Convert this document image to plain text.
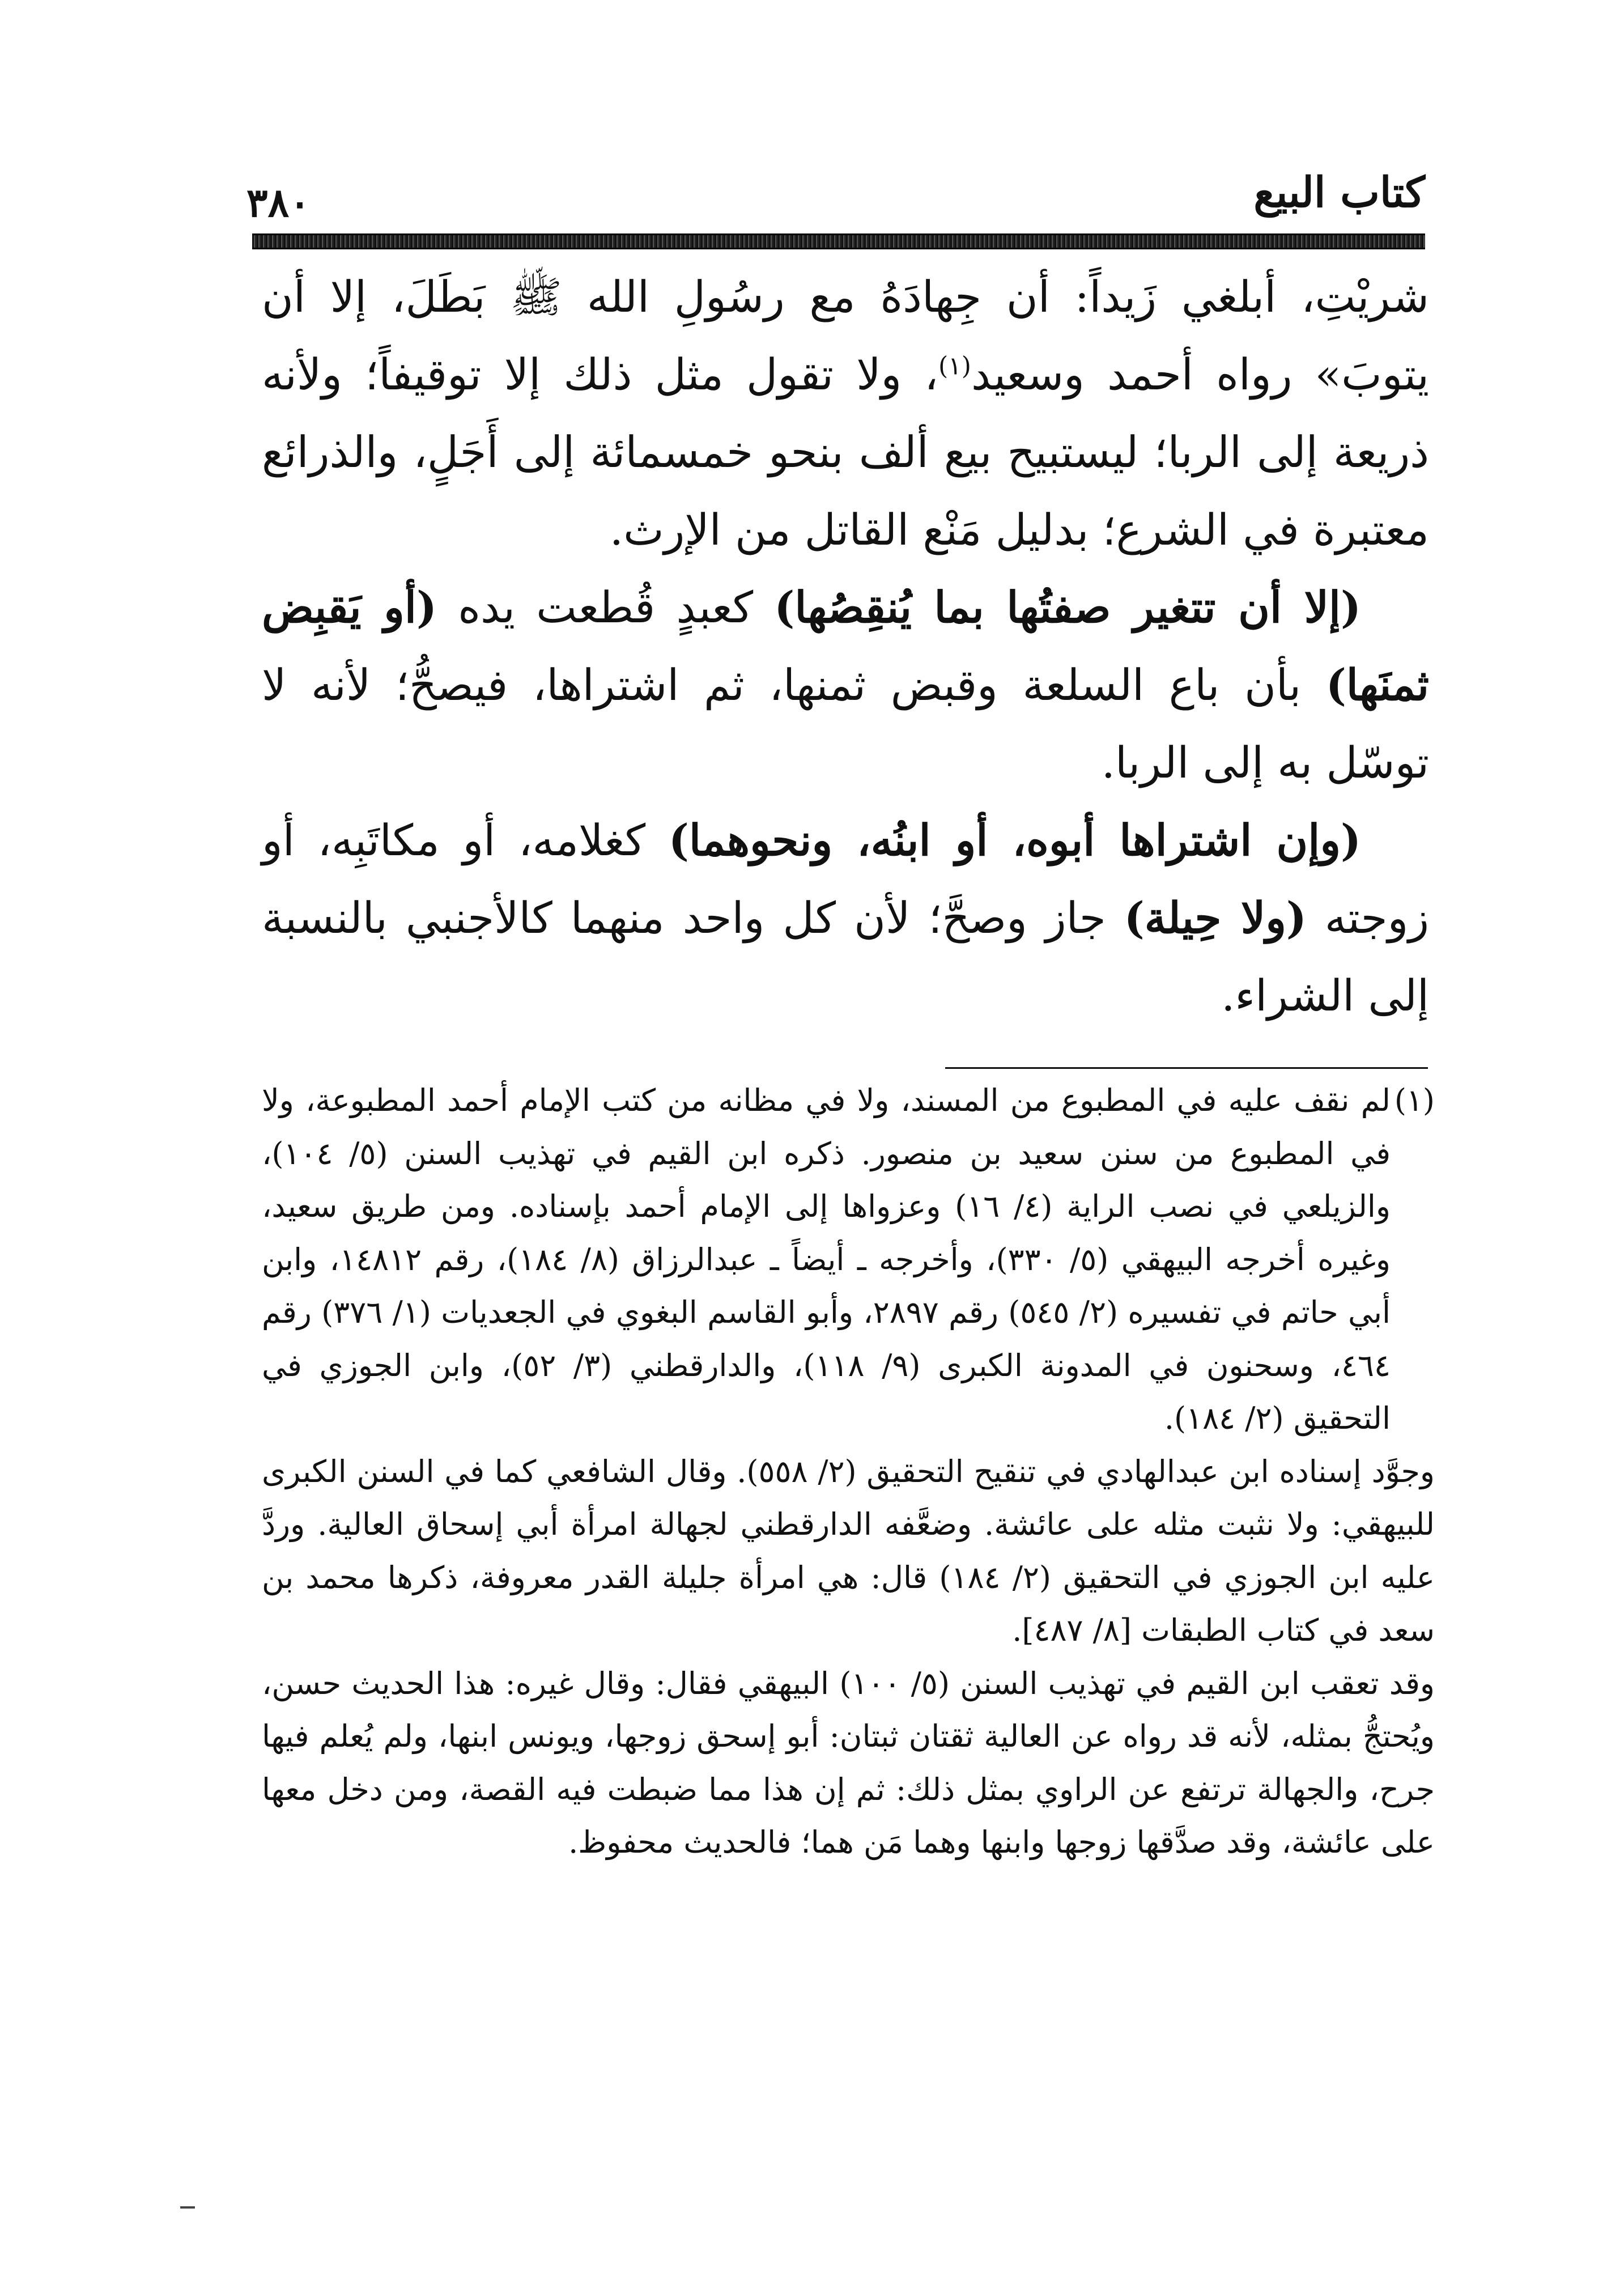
كتاب البيع
٣٨٠

شريْتِ، أبلغي زَيداً: أن جِهادَهُ مع رسُولِ الله ﷺ بَطَلَ، إلا أن يتوبَ» رواه أحمد وسعيد$^{(١)}$، ولا تقول مثل ذلك إلا توقيفاً؛ ولأنه ذريعة إلى الربا؛ ليستبيح بيع ألف بنحو خمسمائة إلى أَجَلٍ، والذرائع معتبرة في الشرع؛ بدليل مَنْع القاتل من الإرث.

(إلا أن تتغير صفتُها بما يُنقِصُها) كعبدٍ قُطعت يده (أو يَقبِض ثمنَها) بأن باع السلعة وقبض ثمنها، ثم اشتراها، فيصحُّ؛ لأنه لا توسّل به إلى الربا.

(وإن اشتراها أبوه، أو ابنُه، ونحوهما) كغلامه، أو مكاتَبِه، أو زوجته (ولا حِيلة) جاز وصحَّ؛ لأن كل واحد منهما كالأجنبي بالنسبة إلى الشراء.

(١)

لم نقف عليه في المطبوع من المسند، ولا في مظانه من كتب الإمام أحمد المطبوعة، ولا في المطبوع من سنن سعيد بن منصور. ذكره ابن القيم في تهذيب السنن (٥/ ١٠٤)، والزيلعي في نصب الراية (٤/ ١٦) وعزواها إلى الإمام أحمد بإسناده. ومن طريق سعيد، وغيره أخرجه البيهقي (٥/ ٣٣٠)، وأخرجه ـ أيضاً ـ عبدالرزاق (٨/ ١٨٤)، رقم ١٤٨١٢، وابن أبي حاتم في تفسيره (٢/ ٥٤٥) رقم ٢٨٩٧، وأبو القاسم البغوي في الجعديات (١/ ٣٧٦) رقم ٤٦٤، وسحنون في المدونة الكبرى (٩/ ١١٨)، والدارقطني (٣/ ٥٢)، وابن الجوزي في التحقيق (٢/ ١٨٤).

وجوَّد إسناده ابن عبدالهادي في تنقيح التحقيق (٢/ ٥٥٨). وقال الشافعي كما في السنن الكبرى للبيهقي: ولا نثبت مثله على عائشة. وضعَّفه الدارقطني لجهالة امرأة أبي إسحاق العالية. وردَّ عليه ابن الجوزي في التحقيق (٢/ ١٨٤) قال: هي امرأة جليلة القدر معروفة، ذكرها محمد بن سعد في كتاب الطبقات [٨/ ٤٨٧].

وقد تعقب ابن القيم في تهذيب السنن (٥/ ١٠٠) البيهقي فقال: وقال غيره: هذا الحديث حسن، ويُحتجُّ بمثله، لأنه قد رواه عن العالية ثقتان ثبتان: أبو إسحق زوجها، ويونس ابنها، ولم يُعلم فيها جرح، والجهالة ترتفع عن الراوي بمثل ذلك: ثم إن هذا مما ضبطت فيه القصة، ومن دخل معها على عائشة، وقد صدَّقها زوجها وابنها وهما مَن هما؛ فالحديث محفوظ.
